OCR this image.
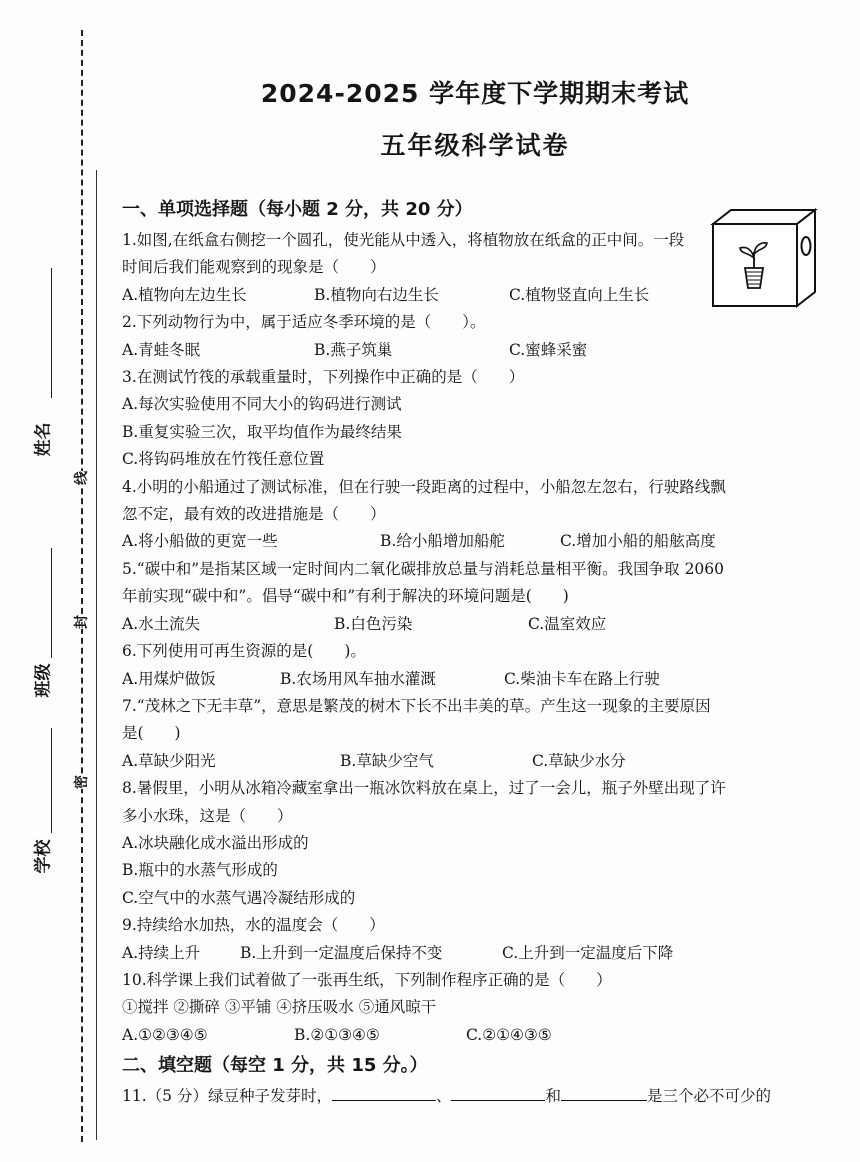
姓名
班级
学校
线
封
密
2024-2025 学年度下学期期末考试
五年级科学试卷
一、单项选择题（每小题 2 分，共 20 分）
1.如图,在纸盒右侧挖一个圆孔，使光能从中透入，将植物放在纸盒的正中间。一段时间后我们能观察到的现象是（　　）
A.植物向左边生长	B.植物向右边生长	C.植物竖直向上生长
2.下列动物行为中，属于适应冬季环境的是（　　）。
A.青蛙冬眠	B.燕子筑巢	C.蜜蜂采蜜
3.在测试竹筏的承载重量时，下列操作中正确的是（　　）
A.每次实验使用不同大小的钩码进行测试
B.重复实验三次，取平均值作为最终结果
C.将钩码堆放在竹筏任意位置
4.小明的小船通过了测试标准，但在行驶一段距离的过程中，小船忽左忽右，行驶路线飘
忽不定，最有效的改进措施是（　　）
A.将小船做的更宽一些	B.给小船增加船舵	C.增加小船的船舷高度
5.“碳中和”是指某区域一定时间内二氧化碳排放总量与消耗总量相平衡。我国争取 2060
年前实现“碳中和”。倡导“碳中和”有利于解决的环境问题是(　　)
A.水土流失	B.白色污染	C.温室效应
6.下列使用可再生资源的是(　　)。
A.用煤炉做饭	B.农场用风车抽水灌溉	C.柴油卡车在路上行驶
7.“茂林之下无丰草”，意思是繁茂的树木下长不出丰美的草。产生这一现象的主要原因
是(　　)
A.草缺少阳光	B.草缺少空气	C.草缺少水分
8.暑假里，小明从冰箱冷藏室拿出一瓶冰饮料放在桌上，过了一会儿，瓶子外壁出现了许
多小水珠，这是（　　）
A.冰块融化成水溢出形成的
B.瓶中的水蒸气形成的
C.空气中的水蒸气遇冷凝结形成的
9.持续给水加热，水的温度会（　　）
A.持续上升	B.上升到一定温度后保持不变	C.上升到一定温度后下降
10.科学课上我们试着做了一张再生纸，下列制作程序正确的是（　　）
①搅拌 ②撕碎 ③平铺 ④挤压吸水 ⑤通风晾干
A.①②③④⑤	B.②①③④⑤	C.②①④③⑤
二、填空题（每空 1 分，共 15 分。）
11.（5 分）绿豆种子发芽时，	、	和	是三个必不可少的
